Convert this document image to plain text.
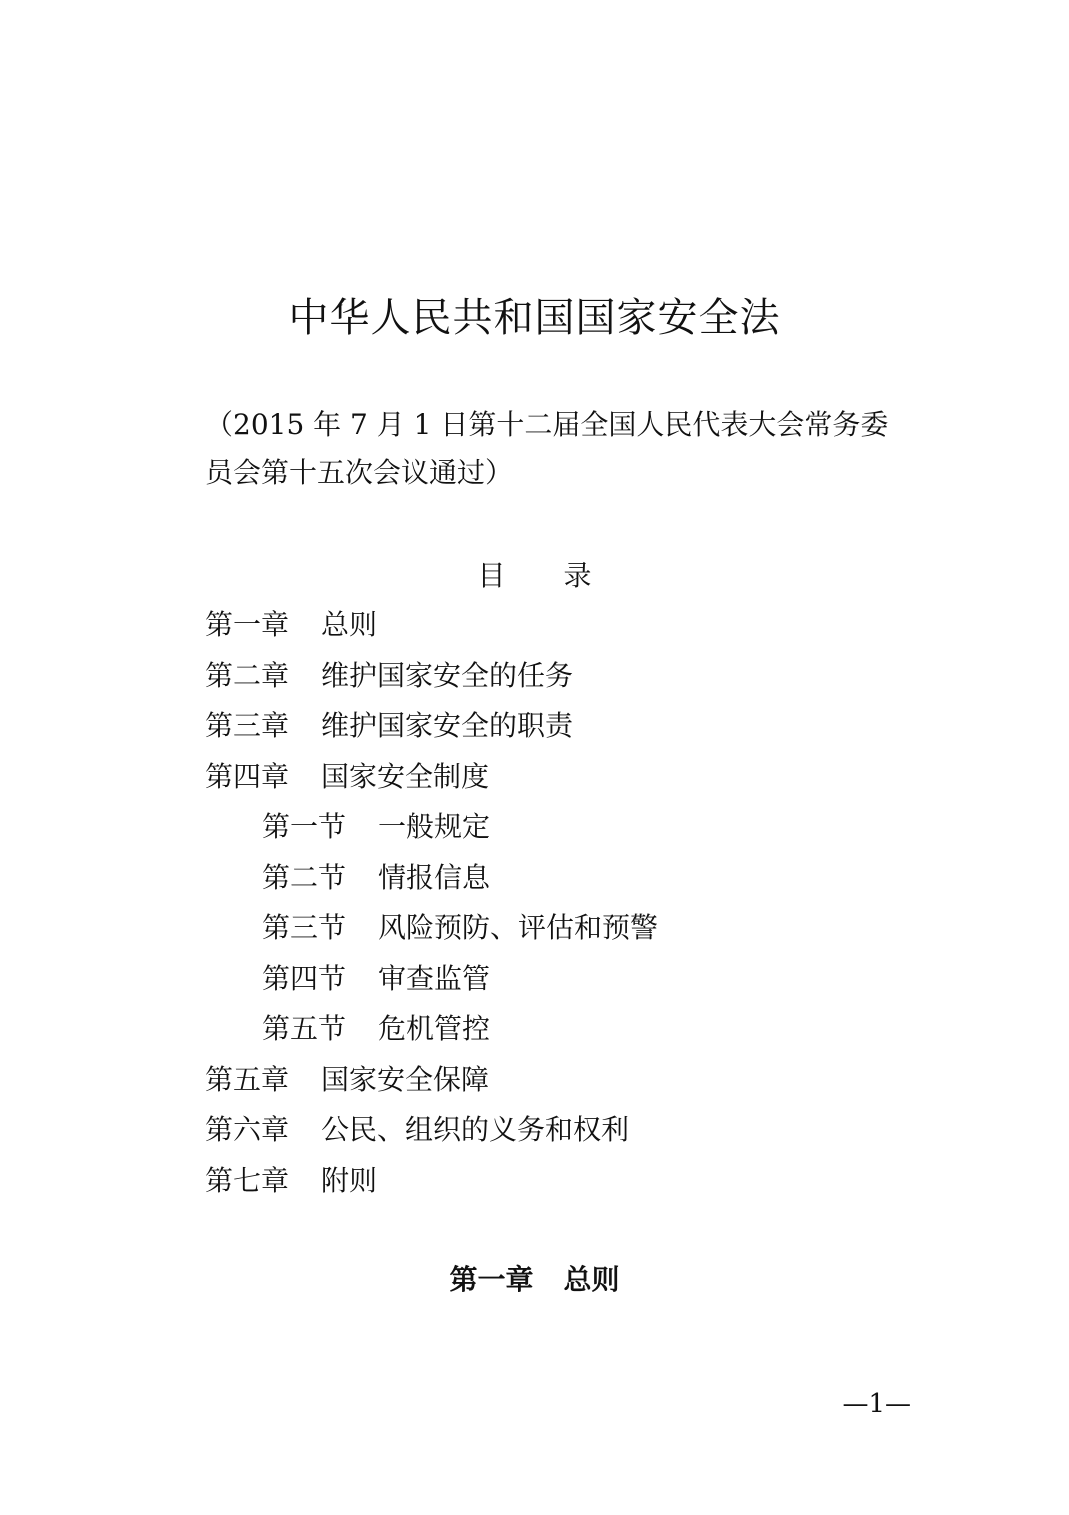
中华人民共和国国家安全法
（2015 年 7 月 1 日第十二届全国人民代表大会常务委
员会第十五次会议通过）
目 录
第一章 总则
第二章 维护国家安全的任务
第三章 维护国家安全的职责
第四章 国家安全制度
第一节 一般规定
第二节 情报信息
第三节 风险预防、评估和预警
第四节 审查监管
第五节 危机管控
第五章 国家安全保障
第六章 公民、组织的义务和权利
第七章 附则
第一章 总则
—1—
